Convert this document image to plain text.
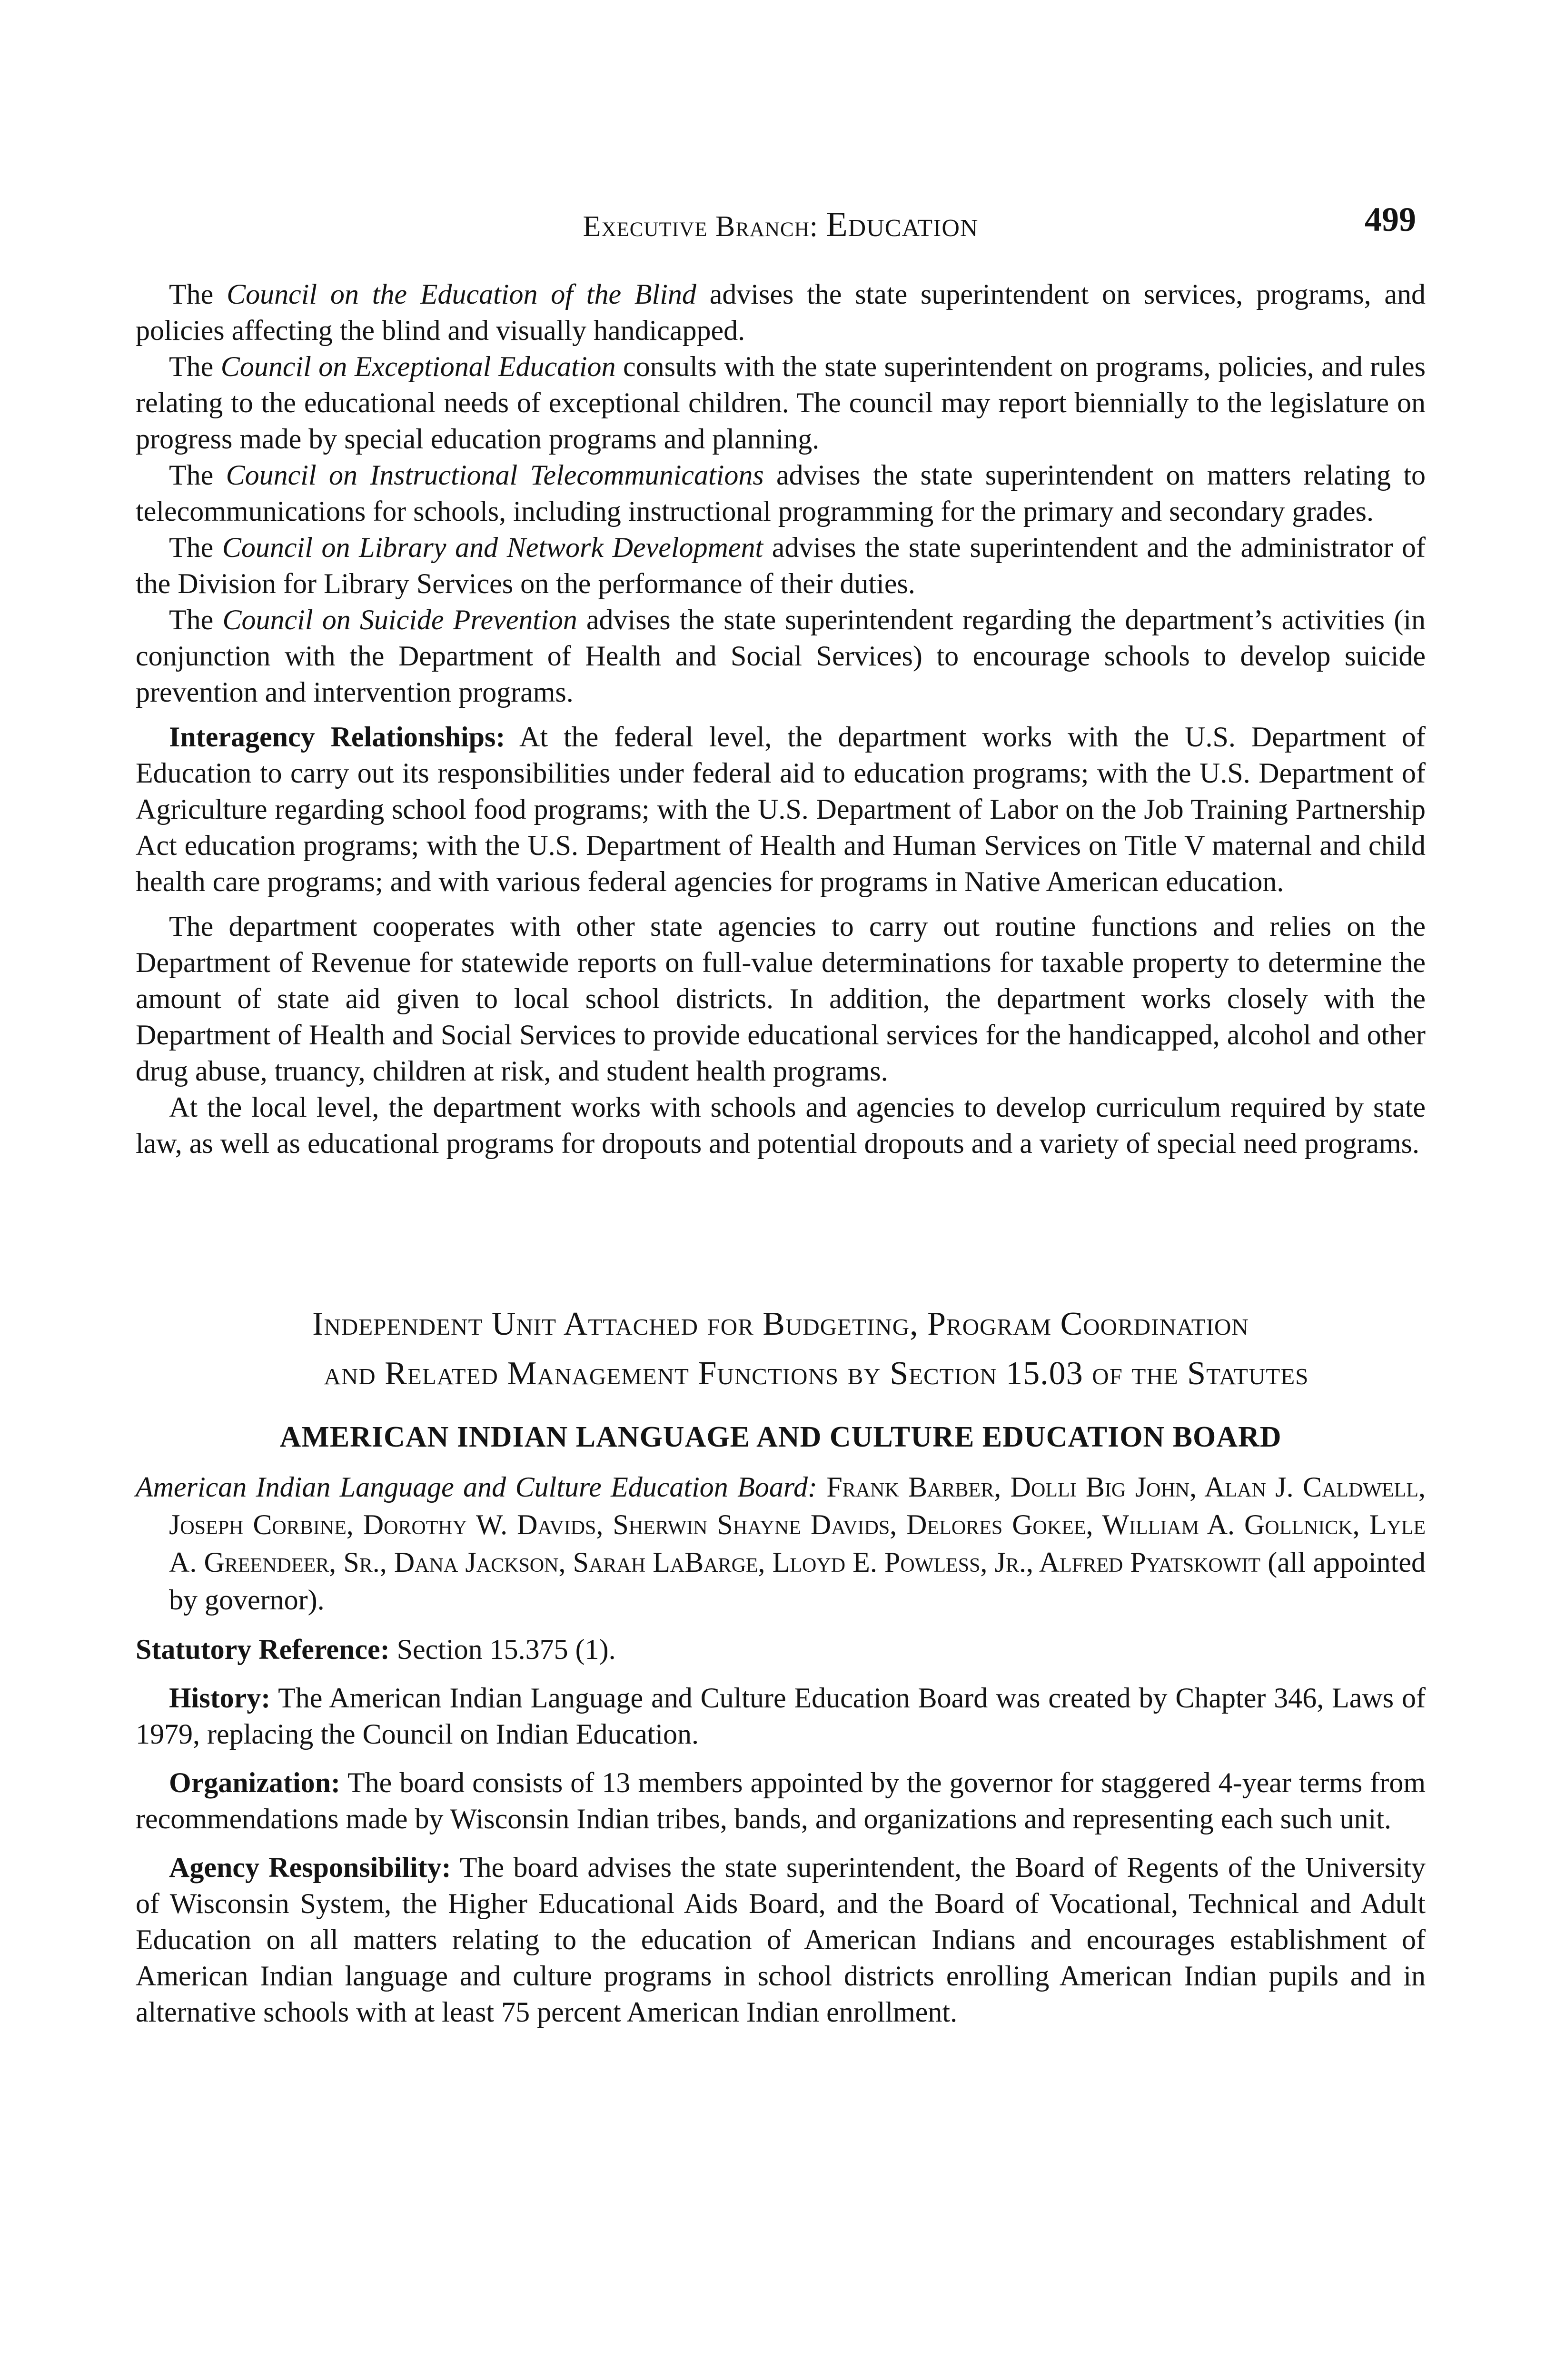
Executive Branch: Education	499

The Council on the Education of the Blind advises the state superintendent on services, programs, and policies affecting the blind and visually handicapped.

The Council on Exceptional Education consults with the state superintendent on programs, policies, and rules relating to the educational needs of exceptional children. The council may report biennially to the legislature on progress made by special education programs and planning.

The Council on Instructional Telecommunications advises the state superintendent on matters relating to telecommunications for schools, including instructional programming for the primary and secondary grades.

The Council on Library and Network Development advises the state superintendent and the administrator of the Division for Library Services on the performance of their duties.

The Council on Suicide Prevention advises the state superintendent regarding the department’s activities (in conjunction with the Department of Health and Social Services) to encourage schools to develop suicide prevention and intervention programs.

Interagency Relationships: At the federal level, the department works with the U.S. Department of Education to carry out its responsibilities under federal aid to education programs; with the U.S. Department of Agriculture regarding school food programs; with the U.S. Department of Labor on the Job Training Partnership Act education programs; with the U.S. Department of Health and Human Services on Title V maternal and child health care programs; and with various federal agencies for programs in Native American education.

The department cooperates with other state agencies to carry out routine functions and relies on the Department of Revenue for statewide reports on full-value determinations for taxable property to determine the amount of state aid given to local school districts. In addition, the department works closely with the Department of Health and Social Services to provide educational services for the handicapped, alcohol and other drug abuse, truancy, children at risk, and student health programs.

At the local level, the department works with schools and agencies to develop curriculum required by state law, as well as educational programs for dropouts and potential dropouts and a variety of special need programs.

Independent Unit Attached for Budgeting, Program Coordination
and Related Management Functions by Section 15.03 of the Statutes
AMERICAN INDIAN LANGUAGE AND CULTURE EDUCATION BOARD
American Indian Language and Culture Education Board: Frank Barber, Dolli Big John, Alan J. Caldwell, Joseph Corbine, Dorothy W. Davids, Sherwin Shayne Davids, Delores Gokee, William A. Gollnick, Lyle A. Greendeer, Sr., Dana Jackson, Sarah LaBarge, Lloyd E. Powless, Jr., Alfred Pyatskowit (all appointed by governor).

Statutory Reference: Section 15.375 (1).

History: The American Indian Language and Culture Education Board was created by Chapter 346, Laws of 1979, replacing the Council on Indian Education.

Organization: The board consists of 13 members appointed by the governor for staggered 4-year terms from recommendations made by Wisconsin Indian tribes, bands, and organizations and representing each such unit.

Agency Responsibility: The board advises the state superintendent, the Board of Regents of the University of Wisconsin System, the Higher Educational Aids Board, and the Board of Vocational, Technical and Adult Education on all matters relating to the education of American Indians and encourages establishment of American Indian language and culture programs in school districts enrolling American Indian pupils and in alternative schools with at least 75 percent American Indian enrollment.
